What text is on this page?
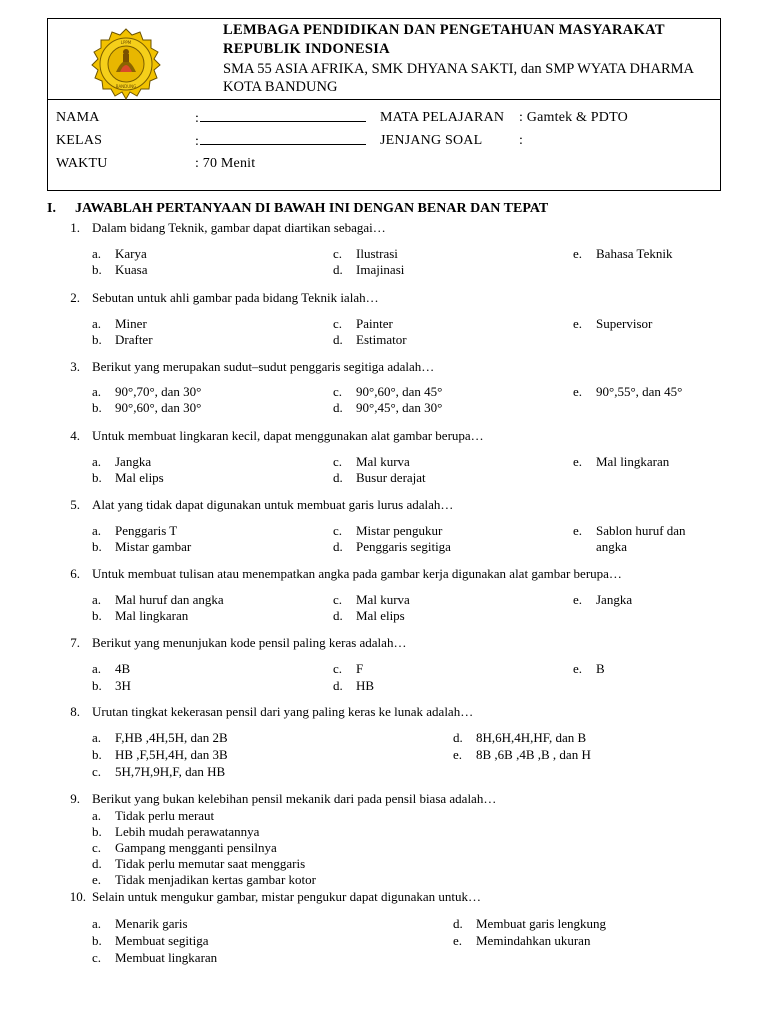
LPPM
BANDUNG
LEMBAGA PENDIDIKAN DAN PENGETAHUAN MASYARAKAT
REPUBLIK INDONESIA
SMA 55 ASIA AFRIKA, SMK DHYANA SAKTI, dan SMP WYATA DHARMA
KOTA BANDUNG
NAMA	:
KELAS	:
WAKTU	: 70 Menit
MATA PELAJARAN : Gamtek & PDTO
JENJANG SOAL	:
I. JAWABLAH PERTANYAAN DI BAWAH INI DENGAN BENAR DAN TEPAT
1. Dalam bidang Teknik, gambar dapat diartikan sebagai…
a. Karya
b. Kuasa
c. Ilustrasi
d. Imajinasi
e. Bahasa Teknik
2. Sebutan untuk ahli gambar pada bidang Teknik ialah…
a. Miner
b. Drafter
c. Painter
d. Estimator
e. Supervisor
3. Berikut yang merupakan sudut–sudut penggaris segitiga adalah…
a. 90°,70°, dan 30°
b. 90°,60°, dan 30°
c. 90°,60°, dan 45°
d. 90°,45°, dan 30°
e. 90°,55°, dan 45°
4. Untuk membuat lingkaran kecil, dapat menggunakan alat gambar berupa…
a. Jangka
b. Mal elips
c. Mal kurva
d. Busur derajat
e. Mal lingkaran
5. Alat yang tidak dapat digunakan untuk membuat garis lurus adalah…
a. Penggaris T
b. Mistar gambar
c. Mistar pengukur
d. Penggaris segitiga
e. Sablon huruf dan
angka
6. Untuk membuat tulisan atau menempatkan angka pada gambar kerja digunakan alat gambar berupa…
a. Mal huruf dan angka
b. Mal lingkaran
c. Mal kurva
d. Mal elips
e. Jangka
7. Berikut yang menunjukan kode pensil paling keras adalah…
a. 4B
b. 3H
c. F
d. HB
e. B
8. Urutan tingkat kekerasan pensil dari yang paling keras ke lunak adalah…
a. F,HB ,4H,5H, dan 2B
b. HB ,F,5H,4H, dan 3B
c. 5H,7H,9H,F, dan HB
d. 8H,6H,4H,HF, dan B
e. 8B ,6B ,4B ,B , dan H
9. Berikut yang bukan kelebihan pensil mekanik dari pada pensil biasa adalah…
a. Tidak perlu meraut
b. Lebih mudah perawatannya
c. Gampang mengganti pensilnya
d. Tidak perlu memutar saat menggaris
e. Tidak menjadikan kertas gambar kotor
10. Selain untuk mengukur gambar, mistar pengukur dapat digunakan untuk…
a. Menarik garis
b. Membuat segitiga
c. Membuat lingkaran
d. Membuat garis lengkung
e. Memindahkan ukuran
